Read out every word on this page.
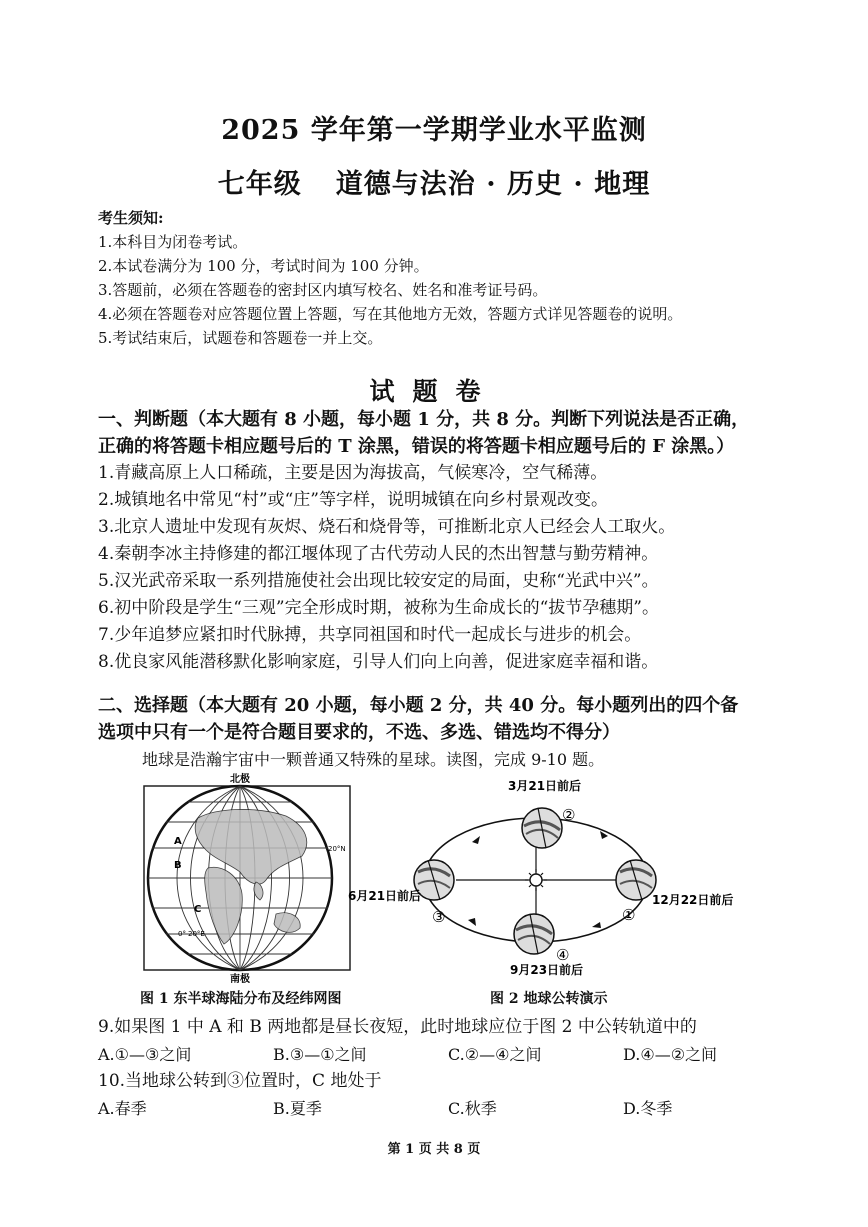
2025 学年第一学期学业水平监测
七年级 道德与法治 · 历史 · 地理
考生须知:
1.本科目为闭卷考试。
2.本试卷满分为 100 分，考试时间为 100 分钟。
3.答题前，必须在答题卷的密封区内填写校名、姓名和准考证号码。
4.必须在答题卷对应答题位置上答题，写在其他地方无效，答题方式详见答题卷的说明。
5.考试结束后，试题卷和答题卷一并上交。
试题卷
一、判断题（本大题有 8 小题，每小题 1 分，共 8 分。判断下列说法是否正确，
正确的将答题卡相应题号后的 T 涂黑，错误的将答题卡相应题号后的 F 涂黑。）
1.青藏高原上人口稀疏，主要是因为海拔高，气候寒冷，空气稀薄。
2.城镇地名中常见“村”或“庄”等字样，说明城镇在向乡村景观改变。
3.北京人遗址中发现有灰烬、烧石和烧骨等，可推断北京人已经会人工取火。
4.秦朝李冰主持修建的都江堰体现了古代劳动人民的杰出智慧与勤劳精神。
5.汉光武帝采取一系列措施使社会出现比较安定的局面，史称“光武中兴”。
6.初中阶段是学生“三观”完全形成时期，被称为生命成长的“拔节孕穗期”。
7.少年追梦应紧扣时代脉搏，共享同祖国和时代一起成长与进步的机会。
8.优良家风能潜移默化影响家庭，引导人们向上向善，促进家庭幸福和谐。
二、选择题（本大题有 20 小题，每小题 2 分，共 40 分。每小题列出的四个备
选项中只有一个是符合题目要求的，不选、多选、错选均不得分）
地球是浩瀚宇宙中一颗普通又特殊的星球。读图，完成 9-10 题。
北极
南极
20°N
A
B
C
0° 20°E
图 1 东半球海陆分布及经纬网图
3月21日前后
6月21日前后	12月22日前后
9月23日前后
②
①
③
④
图 2 地球公转演示
9.如果图 1 中 A 和 B 两地都是昼长夜短，此时地球应位于图 2 中公转轨道中的
A.①—③之间	B.③—①之间	C.②—④之间	D.④—②之间
10.当地球公转到③位置时，C 地处于
A.春季	B.夏季	C.秋季	D.冬季
第 1 页 共 8 页
